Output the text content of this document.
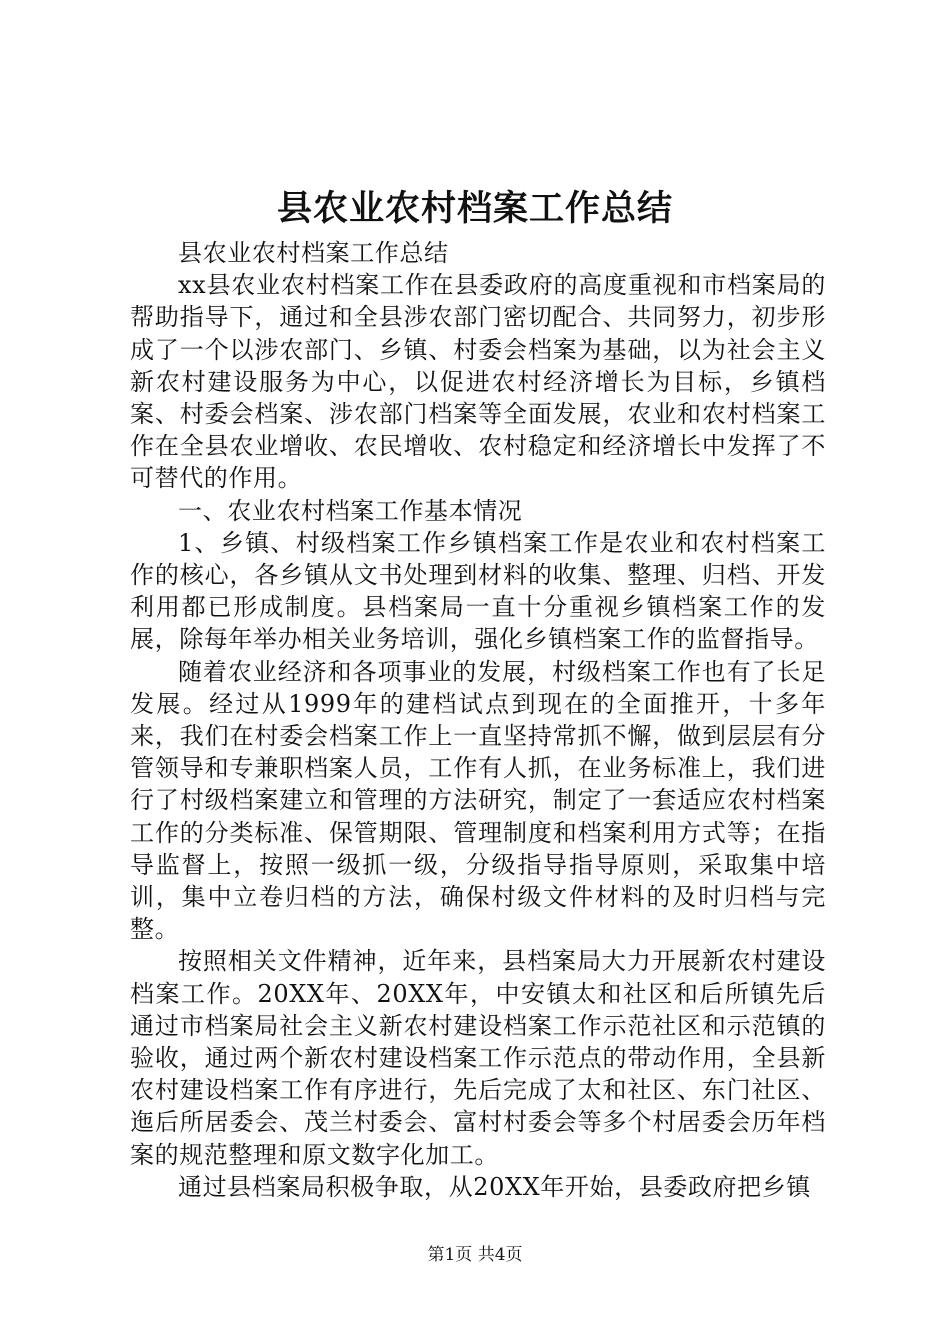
县农业农村档案工作总结

县农业农村档案工作总结

xx县农业农村档案工作在县委政府的高度重视和市档案局的帮助指导下，通过和全县涉农部门密切配合、共同努力，初步形成了一个以涉农部门、乡镇、村委会档案为基础，以为社会主义新农村建设服务为中心，以促进农村经济增长为目标，乡镇档案、村委会档案、涉农部门档案等全面发展，农业和农村档案工作在全县农业增收、农民增收、农村稳定和经济增长中发挥了不可替代的作用。

一、农业农村档案工作基本情况

1、乡镇、村级档案工作乡镇档案工作是农业和农村档案工作的核心，各乡镇从文书处理到材料的收集、整理、归档、开发利用都已形成制度。县档案局一直十分重视乡镇档案工作的发展，除每年举办相关业务培训，强化乡镇档案工作的监督指导。

随着农业经济和各项事业的发展，村级档案工作也有了长足发展。经过从1999年的建档试点到现在的全面推开，十多年来，我们在村委会档案工作上一直坚持常抓不懈，做到层层有分管领导和专兼职档案人员，工作有人抓，在业务标准上，我们进行了村级档案建立和管理的方法研究，制定了一套适应农村档案工作的分类标准、保管期限、管理制度和档案利用方式等；在指导监督上，按照一级抓一级，分级指导指导原则，采取集中培训，集中立卷归档的方法，确保村级文件材料的及时归档与完整。

按照相关文件精神，近年来，县档案局大力开展新农村建设档案工作。20XX年、20XX年，中安镇太和社区和后所镇先后通过市档案局社会主义新农村建设档案工作示范社区和示范镇的验收，通过两个新农村建设档案工作示范点的带动作用，全县新农村建设档案工作有序进行，先后完成了太和社区、东门社区、迤后所居委会、茂兰村委会、富村村委会等多个村居委会历年档案的规范整理和原文数字化加工。

通过县档案局积极争取，从20XX年开始，县委政府把乡镇

第1页 共4页
